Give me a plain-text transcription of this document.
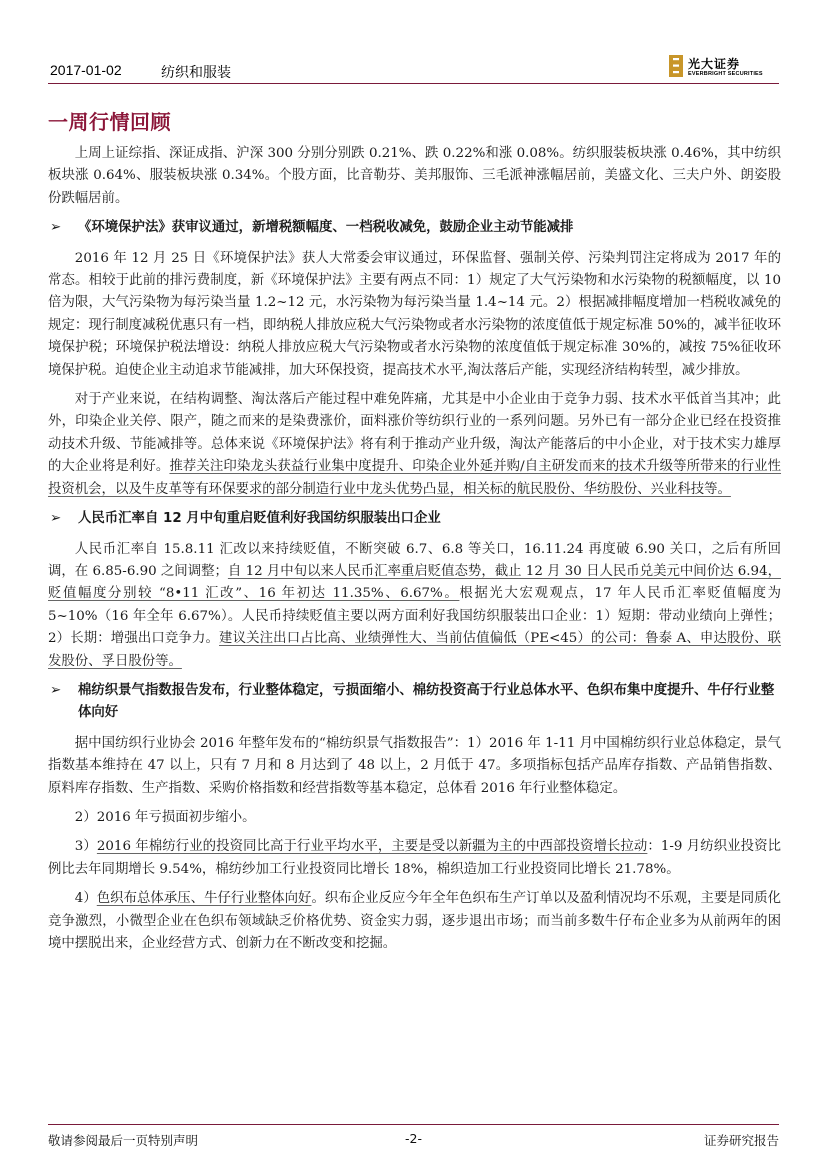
2017-01-02	纺织和服装	光大证券
EVERBRIGHT SECURITIES
一周行情回顾

上周上证综指、深证成指、沪深 300 分别分别跌 0.21%、跌 0.22%和涨 0.08%。纺织服装板块涨 0.46%，其中纺织板块涨 0.64%、服装板块涨 0.34%。个股方面，比音勒芬、美邦服饰、三毛派神涨幅居前，美盛文化、三夫户外、朗姿股份跌幅居前。

➢ 《环境保护法》获审议通过，新增税额幅度、一档税收减免，鼓励企业主动节能减排

2016 年 12 月 25 日《环境保护法》获人大常委会审议通过，环保监督、强制关停、污染判罚注定将成为 2017 年的常态。相较于此前的排污费制度，新《环境保护法》主要有两点不同：1）规定了大气污染物和水污染物的税额幅度，以 10 倍为限，大气污染物为每污染当量 1.2~12 元，水污染物为每污染当量 1.4~14 元。2）根据减排幅度增加一档税收减免的规定：现行制度减税优惠只有一档，即纳税人排放应税大气污染物或者水污染物的浓度值低于规定标准 50%的，减半征收环境保护税；环境保护税法增设：纳税人排放应税大气污染物或者水污染物的浓度值低于规定标准 30%的，减按 75%征收环境保护税。迫使企业主动追求节能减排，加大环保投资，提高技术水平,淘汰落后产能，实现经济结构转型，减少排放。

对于产业来说，在结构调整、淘汰落后产能过程中难免阵痛，尤其是中小企业由于竞争力弱、技术水平低首当其冲；此外，印染企业关停、限产，随之而来的是染费涨价，面料涨价等纺织行业的一系列问题。另外已有一部分企业已经在投资推动技术升级、节能减排等。总体来说《环境保护法》将有利于推动产业升级，淘汰产能落后的中小企业，对于技术实力雄厚的大企业将是利好。推荐关注印染龙头获益行业集中度提升、印染企业外延并购/自主研发而来的技术升级等所带来的行业性投资机会，以及牛皮革等有环保要求的部分制造行业中龙头优势凸显，相关标的航民股份、华纺股份、兴业科技等。

➢ 人民币汇率自 12 月中旬重启贬值利好我国纺织服装出口企业

人民币汇率自 15.8.11 汇改以来持续贬值，不断突破 6.7、6.8 等关口，16.11.24 再度破 6.90 关口，之后有所回调，在 6.85-6.90 之间调整；自 12 月中旬以来人民币汇率重启贬值态势，截止 12 月 30 日人民币兑美元中间价达 6.94，贬值幅度分别较 “8•11 汇改”、16 年初达 11.35%、6.67%。根据光大宏观观点，17 年人民币汇率贬值幅度为 5~10%（16 年全年 6.67%）。人民币持续贬值主要以两方面利好我国纺织服装出口企业：1）短期：带动业绩向上弹性；2）长期：增强出口竞争力。建议关注出口占比高、业绩弹性大、当前估值偏低（PE<45）的公司：鲁泰 A、申达股份、联发股份、孚日股份等。

➢ 棉纺织景气指数报告发布，行业整体稳定，亏损面缩小、棉纺投资高于行业总体水平、色织布集中度提升、牛仔行业整体向好

据中国纺织行业协会 2016 年整年发布的“棉纺织景气指数报告”：1）2016 年 1-11 月中国棉纺织行业总体稳定，景气指数基本维持在 47 以上，只有 7 月和 8 月达到了 48 以上，2 月低于 47。多项指标包括产品库存指数、产品销售指数、原料库存指数、生产指数、采购价格指数和经营指数等基本稳定，总体看 2016 年行业整体稳定。

2）2016 年亏损面初步缩小。

3）2016 年棉纺行业的投资同比高于行业平均水平，主要是受以新疆为主的中西部投资增长拉动：1-9 月纺织业投资比例比去年同期增长 9.54%，棉纺纱加工行业投资同比增长 18%，棉织造加工行业投资同比增长 21.78%。

4）色织布总体承压、牛仔行业整体向好。织布企业反应今年全年色织布生产订单以及盈利情况均不乐观，主要是同质化竞争激烈，小微型企业在色织布领域缺乏价格优势、资金实力弱，逐步退出市场；而当前多数牛仔布企业多为从前两年的困境中摆脱出来，企业经营方式、创新力在不断改变和挖掘。

敬请参阅最后一页特别声明	-2-	证券研究报告
